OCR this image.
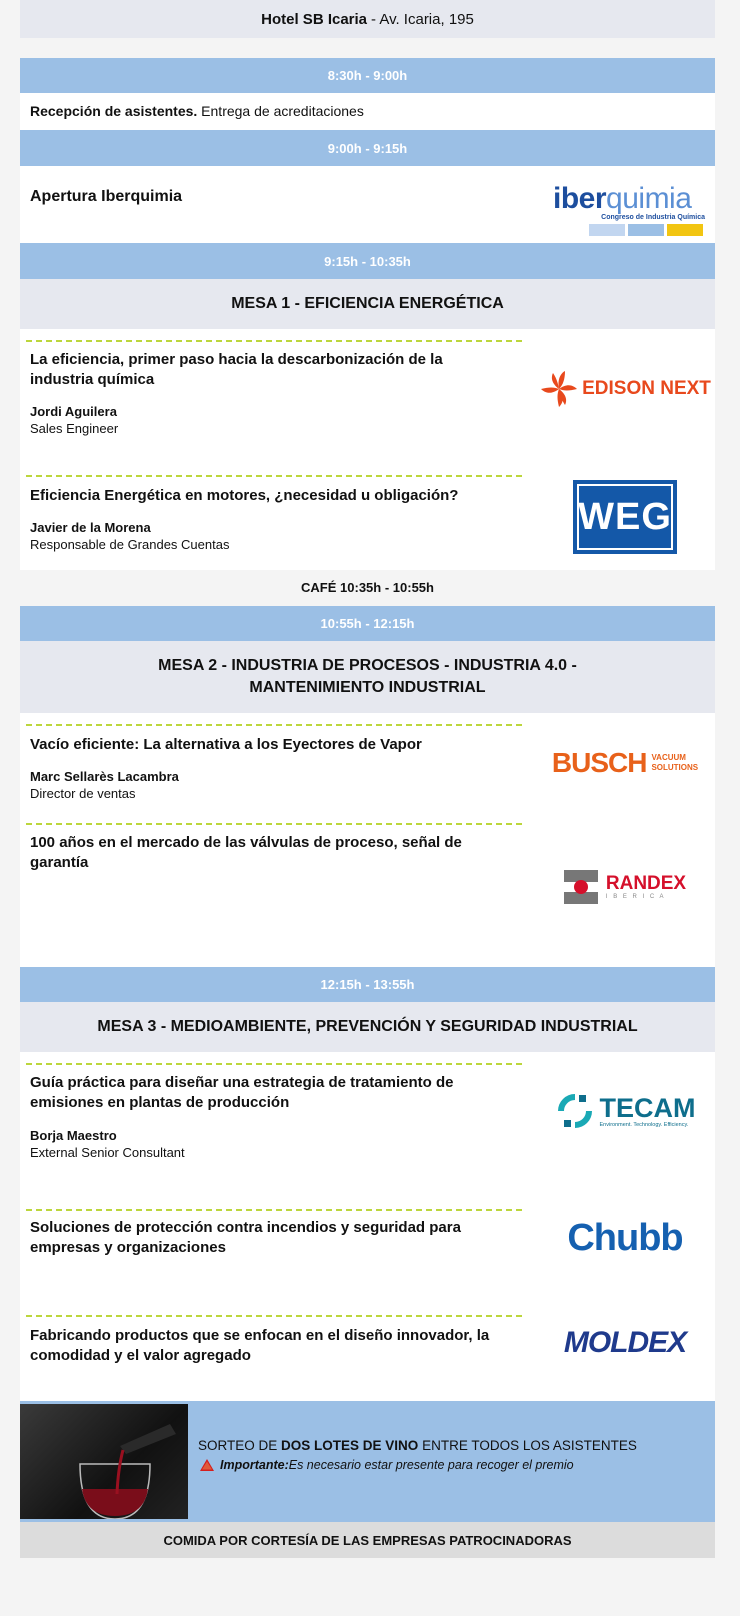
Hotel SB Icaria - Av. Icaria, 195
8:30h - 9:00h
Recepción de asistentes. Entrega de acreditaciones
9:00h - 9:15h
Apertura Iberquimia	iberquimia
Congreso de Industria Química
9:15h - 10:35h
MESA 1 - EFICIENCIA ENERGÉTICA
La eficiencia, primer paso hacia la descarbonización de la industria química
Jordi Aguilera
Sales Engineer
EDISON NEXT
Eficiencia Energética en motores, ¿necesidad u obligación?
Javier de la Morena
Responsable de Grandes Cuentas
WEG
CAFÉ 10:35h - 10:55h
10:55h - 12:15h
MESA 2 - INDUSTRIA DE PROCESOS - INDUSTRIA 4.0 -
MANTENIMIENTO INDUSTRIAL
Vacío eficiente: La alternativa a los Eyectores de Vapor
Marc Sellarès Lacambra
Director de ventas
BUSCH VACUUM
SOLUTIONS
100 años en el mercado de las válvulas de proceso, señal de garantía
RANDEX
I B E R I C A
12:15h - 13:55h
MESA 3 - MEDIOAMBIENTE, PREVENCIÓN Y SEGURIDAD INDUSTRIAL
Guía práctica para diseñar una estrategia de tratamiento de emisiones en plantas de producción
Borja Maestro
External Senior Consultant
TECAM
Environment. Technology. Efficiency.
Soluciones de protección contra incendios y seguridad para empresas y organizaciones	Chubb
Fabricando productos que se enfocan en el diseño innovador, la comodidad y el valor agregado	MOLDEX
SORTEO DE DOS LOTES DE VINO ENTRE TODOS LOS ASISTENTES
Importante: Es necesario estar presente para recoger el premio
COMIDA POR CORTESÍA DE LAS EMPRESAS PATROCINADORAS
